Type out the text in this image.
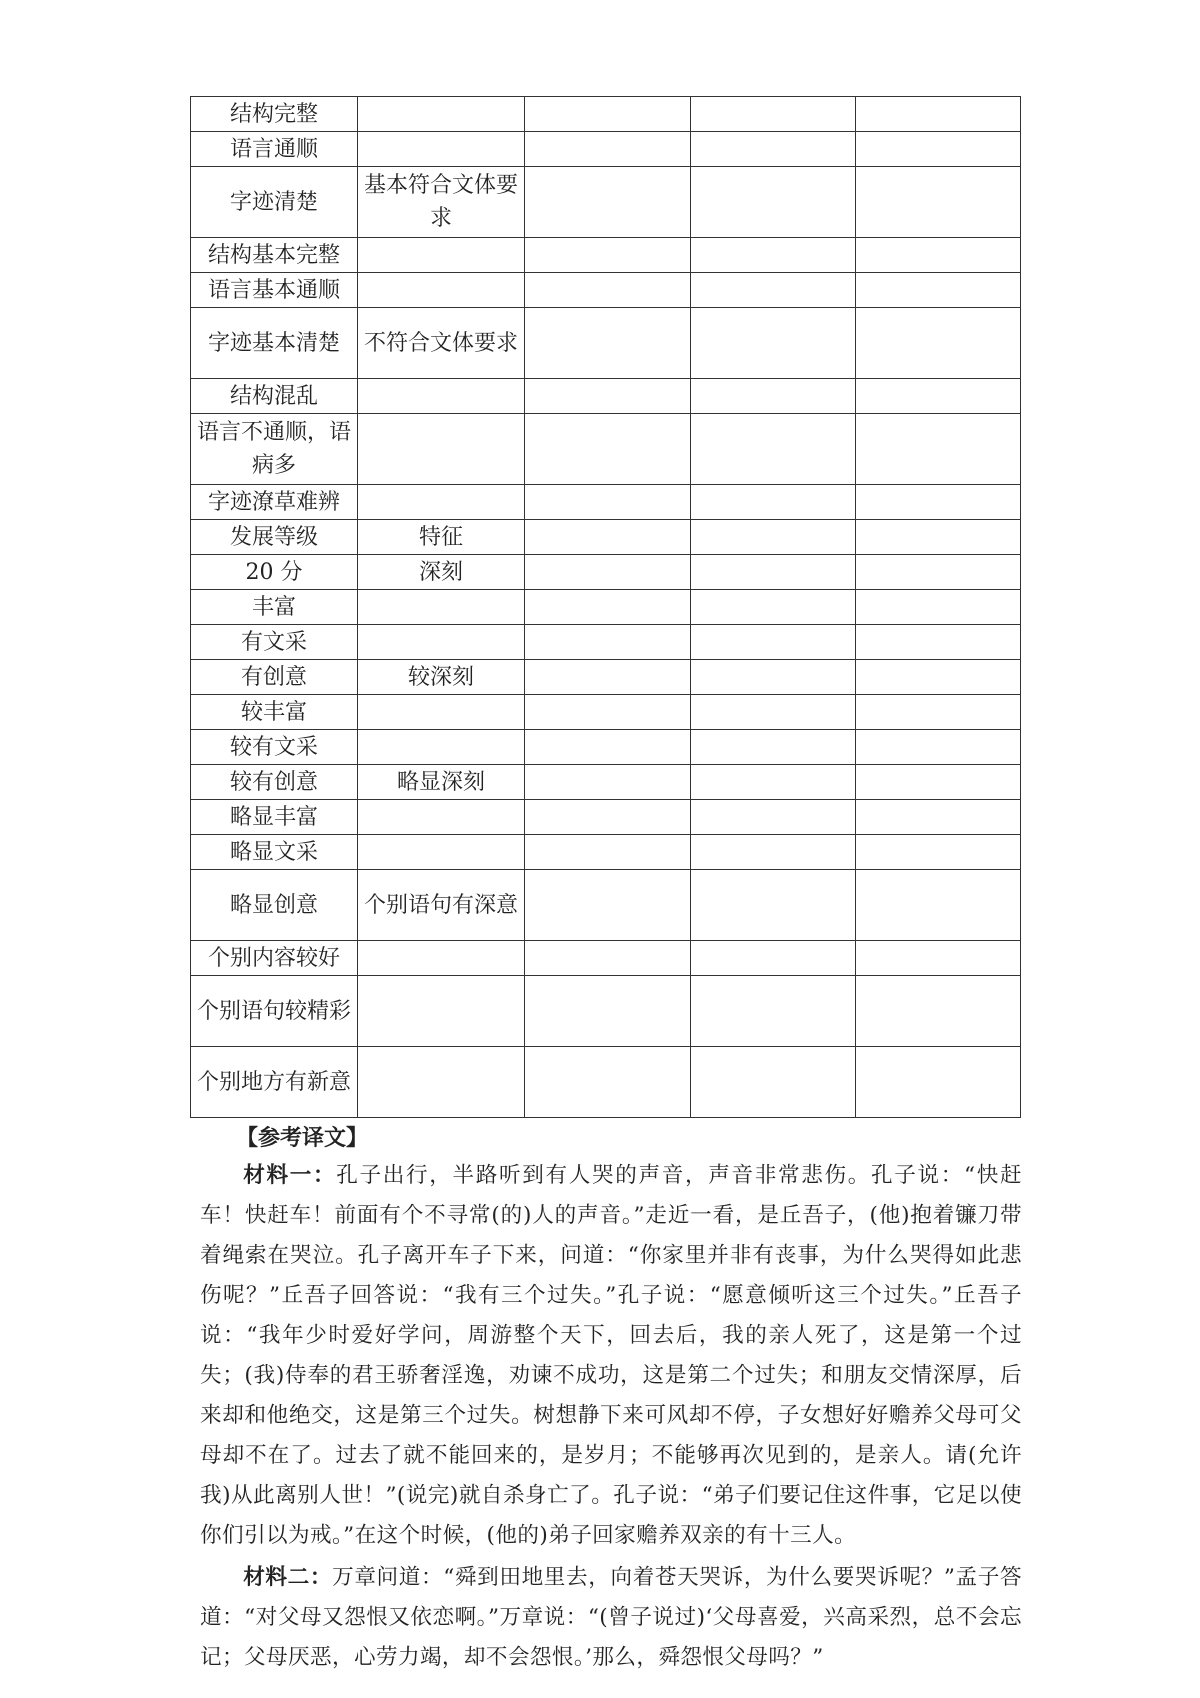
结构完整				
语言通顺				
字迹清楚	基本符合文体要求			
结构基本完整				
语言基本通顺				
字迹基本清楚	不符合文体要求			
结构混乱				
语言不通顺，语病多				
字迹潦草难辨				
发展等级	特征			
20 分	深刻			
丰富				
有文采				
有创意	较深刻			
较丰富				
较有文采				
较有创意	略显深刻			
略显丰富				
略显文采				
略显创意	个别语句有深意			
个别内容较好				
个别语句较精彩				
个别地方有新意				
【参考译文】

材料一：孔子出行，半路听到有人哭的声音，声音非常悲伤。孔子说：“快赶车！快赶车！前面有个不寻常(的)人的声音。”走近一看，是丘吾子，(他)抱着镰刀带着绳索在哭泣。孔子离开车子下来，问道：“你家里并非有丧事，为什么哭得如此悲伤呢？”丘吾子回答说：“我有三个过失。”孔子说：“愿意倾听这三个过失。”丘吾子说：“我年少时爱好学问，周游整个天下，回去后，我的亲人死了，这是第一个过失；(我)侍奉的君王骄奢淫逸，劝谏不成功，这是第二个过失；和朋友交情深厚，后来却和他绝交，这是第三个过失。树想静下来可风却不停，子女想好好赡养父母可父母却不在了。过去了就不能回来的，是岁月；不能够再次见到的，是亲人。请(允许我)从此离别人世！”(说完)就自杀身亡了。孔子说：“弟子们要记住这件事，它足以使你们引以为戒。”在这个时候，(他的)弟子回家赡养双亲的有十三人。

材料二：万章问道：“舜到田地里去，向着苍天哭诉，为什么要哭诉呢？”孟子答道：“对父母又怨恨又依恋啊。”万章说：“(曾子说过)‘父母喜爱，兴高采烈，总不会忘记；父母厌恶，心劳力竭，却不会怨恨。’那么，舜怨恨父母吗？”
